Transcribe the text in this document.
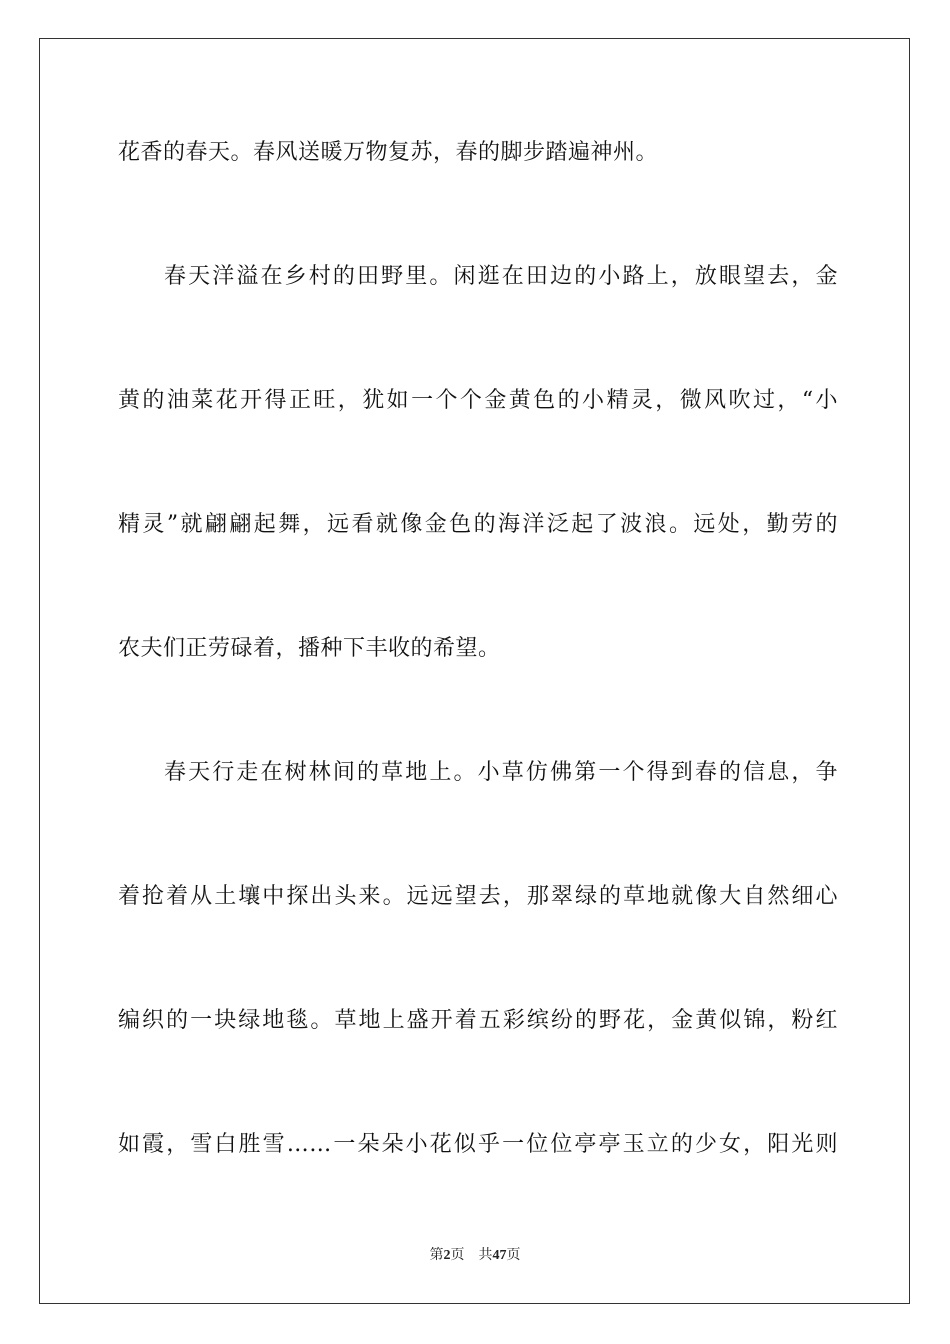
花香的春天。春风送暖万物复苏，春的脚步踏遍神州。
春天洋溢在乡村的田野里。闲逛在田边的小路上，放眼望去，金
黄的油菜花开得正旺，犹如一个个金黄色的小精灵，微风吹过，“小
精灵”就翩翩起舞，远看就像金色的海洋泛起了波浪。远处，勤劳的
农夫们正劳碌着，播种下丰收的希望。
春天行走在树林间的草地上。小草仿佛第一个得到春的信息，争
着抢着从土壤中探出头来。远远望去，那翠绿的草地就像大自然细心
编织的一块绿地毯。草地上盛开着五彩缤纷的野花，金黄似锦，粉红
如霞，雪白胜雪……一朵朵小花似乎一位位亭亭玉立的少女，阳光则
第2页 共47页
